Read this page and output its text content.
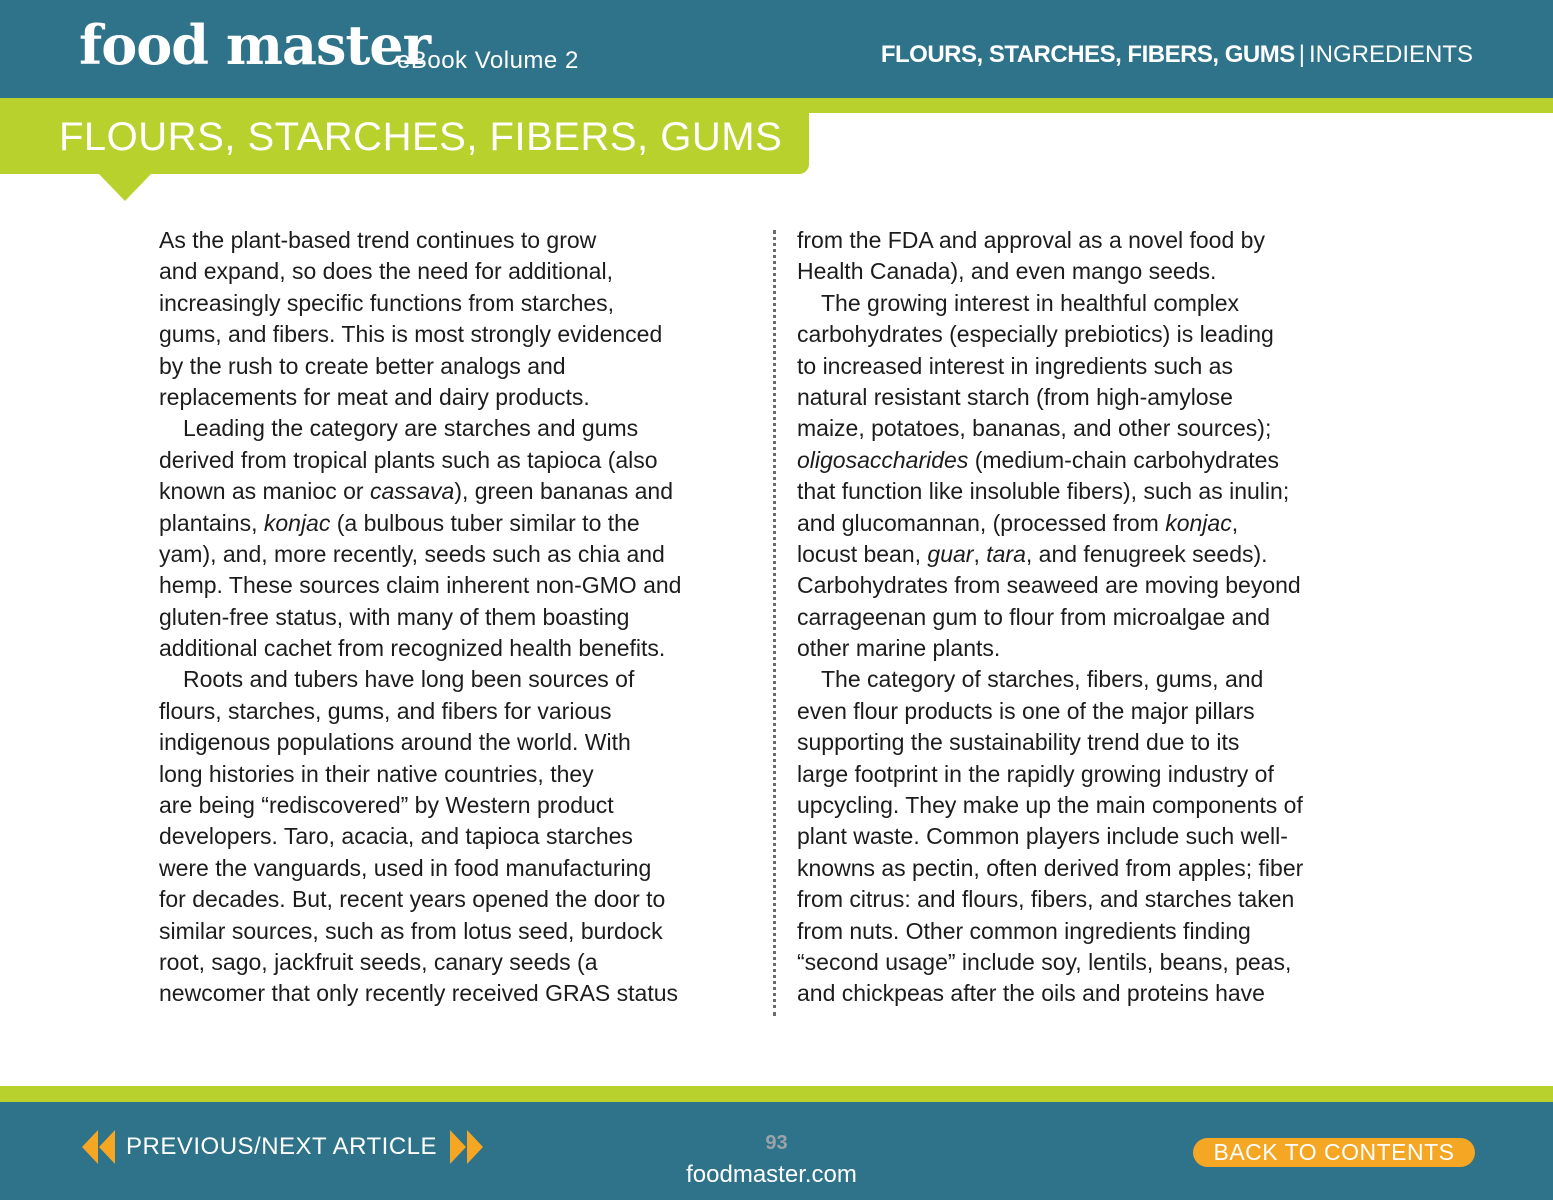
food master
eBook Volume 2	FLOURS, STARCHES, FIBERS, GUMS | INGREDIENTS
FLOURS, STARCHES, FIBERS, GUMS
As the plant-based trend continues to grow
and expand, so does the need for additional,
increasingly specific functions from starches,
gums, and fibers. This is most strongly evidenced
by the rush to create better analogs and
replacements for meat and dairy products.
Leading the category are starches and gums
derived from tropical plants such as tapioca (also
known as manioc or cassava), green bananas and
plantains, konjac (a bulbous tuber similar to the
yam), and, more recently, seeds such as chia and
hemp. These sources claim inherent non-GMO and
gluten-free status, with many of them boasting
additional cachet from recognized health benefits.
Roots and tubers have long been sources of
flours, starches, gums, and fibers for various
indigenous populations around the world. With
long histories in their native countries, they
are being “rediscovered” by Western product
developers. Taro, acacia, and tapioca starches
were the vanguards, used in food manufacturing
for decades. But, recent years opened the door to
similar sources, such as from lotus seed, burdock
root, sago, jackfruit seeds, canary seeds (a
newcomer that only recently received GRAS status
from the FDA and approval as a novel food by
Health Canada), and even mango seeds.
The growing interest in healthful complex
carbohydrates (especially prebiotics) is leading
to increased interest in ingredients such as
natural resistant starch (from high-amylose
maize, potatoes, bananas, and other sources);
oligosaccharides (medium-chain carbohydrates
that function like insoluble fibers), such as inulin;
and glucomannan, (processed from konjac,
locust bean, guar, tara, and fenugreek seeds).
Carbohydrates from seaweed are moving beyond
carrageenan gum to flour from microalgae and
other marine plants.
The category of starches, fibers, gums, and
even flour products is one of the major pillars
supporting the sustainability trend due to its
large footprint in the rapidly growing industry of
upcycling. They make up the main components of
plant waste. Common players include such well-
knowns as pectin, often derived from apples; fiber
from citrus: and flours, fibers, and starches taken
from nuts. Other common ingredients finding
“second usage” include soy, lentils, beans, peas,
and chickpeas after the oils and proteins have
PREVIOUS/NEXT ARTICLE	93
foodmaster.com
BACK TO CONTENTS
